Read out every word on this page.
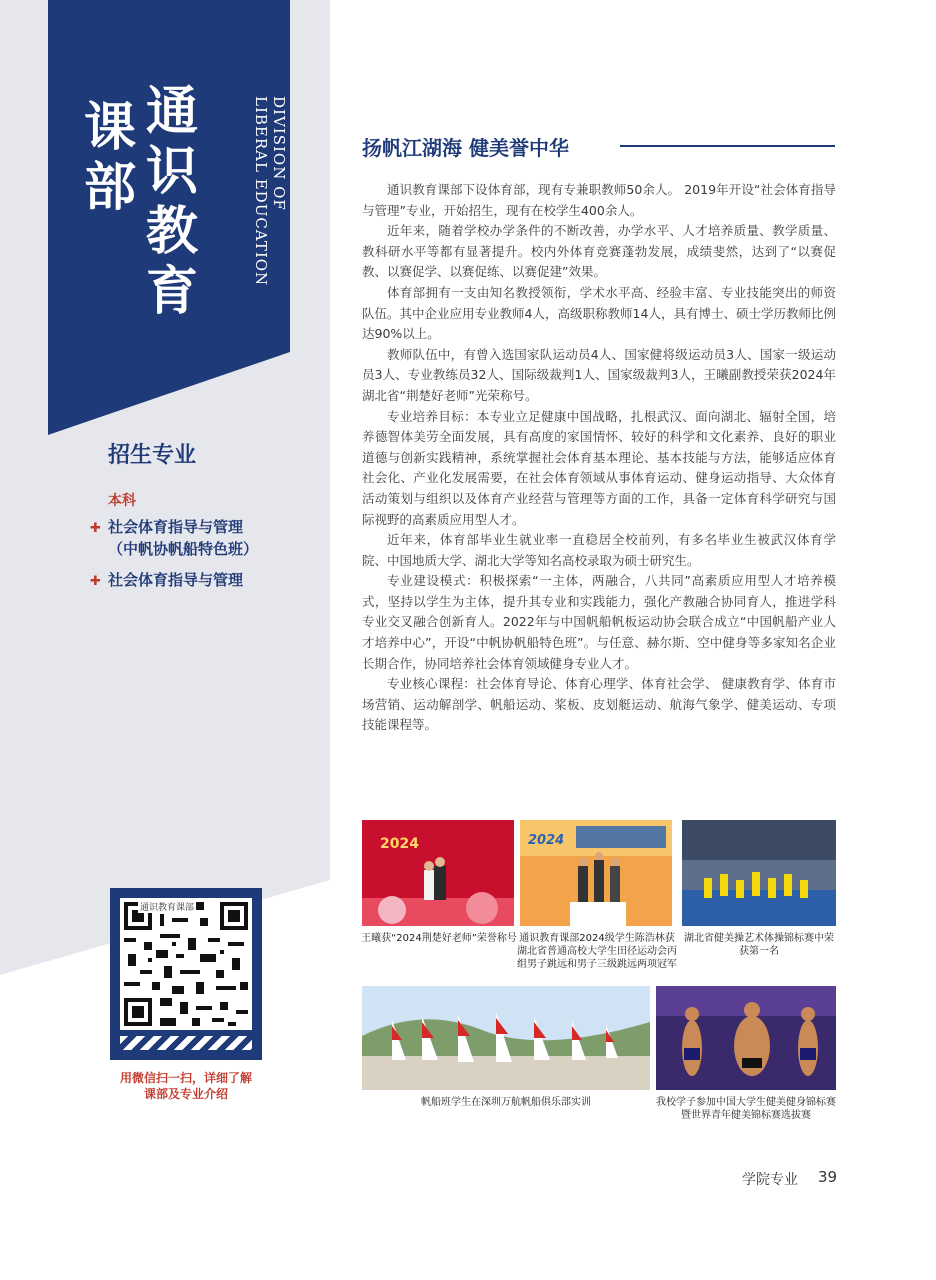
课
部
通
识
教
育
DIVISION OF
LIBERAL EDUCATION
招生专业
本科
✚ 社会体育指导与管理
（中帆协帆船特色班）
✚ 社会体育指导与管理
通识教育课部
用微信扫一扫，详细了解
课部及专业介绍
扬帆江湖海 健美誉中华

通识教育课部下设体育部，现有专兼职教师50余人。 2019年开设“社会体育指导与管理”专业，开始招生，现有在校学生400余人。

近年来，随着学校办学条件的不断改善，办学水平、人才培养质量、教学质量、教科研水平等都有显著提升。校内外体育竞赛蓬勃发展，成绩斐然，达到了“以赛促教、以赛促学、以赛促练、以赛促建”效果。

体育部拥有一支由知名教授领衔，学术水平高、经验丰富、专业技能突出的师资队伍。其中企业应用专业教师4人，高级职称教师14人，具有博士、硕士学历教师比例达90%以上。

教师队伍中，有曾入选国家队运动员4人、国家健将级运动员3人、国家一级运动员3人、专业教练员32人、国际级裁判1人、国家级裁判3人，王曦副教授荣获2024年湖北省“荆楚好老师”光荣称号。

专业培养目标：本专业立足健康中国战略，扎根武汉、面向湖北、辐射全国，培养德智体美劳全面发展，具有高度的家国情怀、较好的科学和文化素养、良好的职业道德与创新实践精神，系统掌握社会体育基本理论、基本技能与方法，能够适应体育社会化、产业化发展需要，在社会体育领域从事体育运动、健身运动指导、大众体育活动策划与组织以及体育产业经营与管理等方面的工作，具备一定体育科学研究与国际视野的高素质应用型人才。

近年来，体育部毕业生就业率一直稳居全校前列，有多名毕业生被武汉体育学院、中国地质大学、湖北大学等知名高校录取为硕士研究生。

专业建设模式：积极探索“一主体，两融合，八共同”高素质应用型人才培养模式，坚持以学生为主体，提升其专业和实践能力，强化产教融合协同育人，推进学科专业交叉融合创新育人。2022年与中国帆船帆板运动协会联合成立“中国帆船产业人才培养中心”，开设“中帆协帆船特色班”。与任意、赫尔斯、空中健身等多家知名企业长期合作，协同培养社会体育领域健身专业人才。

专业核心课程：社会体育导论、体育心理学、体育社会学、 健康教育学、体育市场营销、运动解剖学、帆船运动、桨板、皮划艇运动、航海气象学、健美运动、专项技能课程等。

2024
王曦获“2024荆楚好老师”荣誉称号
2024
通识教育课部2024级学生陈浩林获湖北省普通高校大学生田径运动会丙组男子跳远和男子三级跳远两项冠军
湖北省健美操艺术体操锦标赛中荣获第一名
帆船班学生在深圳万航帆船俱乐部实训	我校学子参加中国大学生健美健身锦标赛暨世界青年健美锦标赛选拔赛
学院专业 39
